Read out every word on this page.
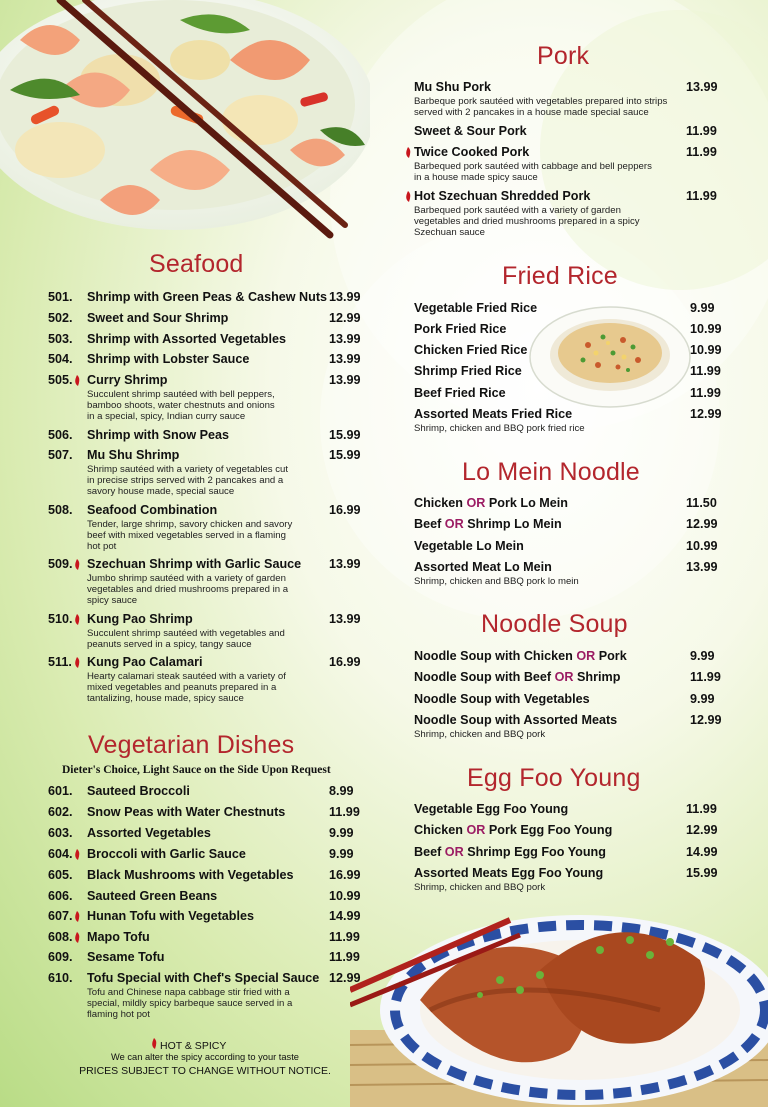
Seafood
501. Shrimp with Green Peas & Cashew Nuts 13.99
502. Sweet and Sour Shrimp	12.99
503. Shrimp with Assorted Vegetables	13.99
504. Shrimp with Lobster Sauce	13.99
505. Curry Shrimp	13.99
Succulent shrimp sautéed with bell peppers,
bamboo shoots, water chestnuts and onions
in a special, spicy, Indian curry sauce
506. Shrimp with Snow Peas	15.99
507. Mu Shu Shrimp	15.99
Shrimp sautéed with a variety of vegetables cut
in precise strips served with 2 pancakes and a
savory house made, special sauce
508. Seafood Combination	16.99
Tender, large shrimp, savory chicken and savory
beef with mixed vegetables served in a flaming
hot pot
509. Szechuan Shrimp with Garlic Sauce 13.99
Jumbo shrimp sautéed with a variety of garden
vegetables and dried mushrooms prepared in a
spicy sauce
510. Kung Pao Shrimp	13.99
Succulent shrimp sautéed with vegetables and
peanuts served in a spicy, tangy sauce
511. Kung Pao Calamari	16.99
Hearty calamari steak sautéed with a variety of
mixed vegetables and peanuts prepared in a
tantalizing, house made, spicy sauce
Vegetarian Dishes
Dieter's Choice, Light Sauce on the Side Upon Request
601. Sauteed Broccoli	8.99
602. Snow Peas with Water Chestnuts	11.99
603. Assorted Vegetables	9.99
604. Broccoli with Garlic Sauce	9.99
605. Black Mushrooms with Vegetables	16.99
606. Sauteed Green Beans	10.99
607. Hunan Tofu with Vegetables	14.99
608. Mapo Tofu	11.99
609. Sesame Tofu	11.99
610. Tofu Special with Chef's Special Sauce 12.99
Tofu and Chinese napa cabbage stir fried with a
special, mildly spicy barbeque sauce served in a
flaming hot pot
HOT & SPICY
We can alter the spicy according to your taste
PRICES SUBJECT TO CHANGE WITHOUT NOTICE.
Pork
Fried Rice
Lo Mein Noodle
Noodle Soup
Egg Foo Young
Mu Shu Pork	13.99
Barbeque pork sautéed with vegetables prepared into strips
served with 2 pancakes in a house made special sauce
Sweet & Sour Pork	11.99
Twice Cooked Pork	11.99
Barbequed pork sautéed with cabbage and bell peppers
in a house made spicy sauce
Hot Szechuan Shredded Pork	11.99
Barbequed pork sautéed with a variety of garden
vegetables and dried mushrooms prepared in a spicy
Szechuan sauce
Vegetable Fried Rice	9.99
Pork Fried Rice	10.99
Chicken Fried Rice	10.99
Shrimp Fried Rice	11.99
Beef Fried Rice	11.99
Assorted Meats Fried Rice	12.99
Shrimp, chicken and BBQ pork fried rice
Chicken OR Pork Lo Mein	11.50
Beef OR Shrimp Lo Mein	12.99
Vegetable Lo Mein	10.99
Assorted Meat Lo Mein	13.99
Shrimp, chicken and BBQ pork lo mein
Noodle Soup with Chicken OR Pork	9.99
Noodle Soup with Beef OR Shrimp	11.99
Noodle Soup with Vegetables	9.99
Noodle Soup with Assorted Meats	12.99
Shrimp, chicken and BBQ pork
Vegetable Egg Foo Young	11.99
Chicken OR Pork Egg Foo Young	12.99
Beef OR Shrimp Egg Foo Young	14.99
Assorted Meats Egg Foo Young	15.99
Shrimp, chicken and BBQ pork
